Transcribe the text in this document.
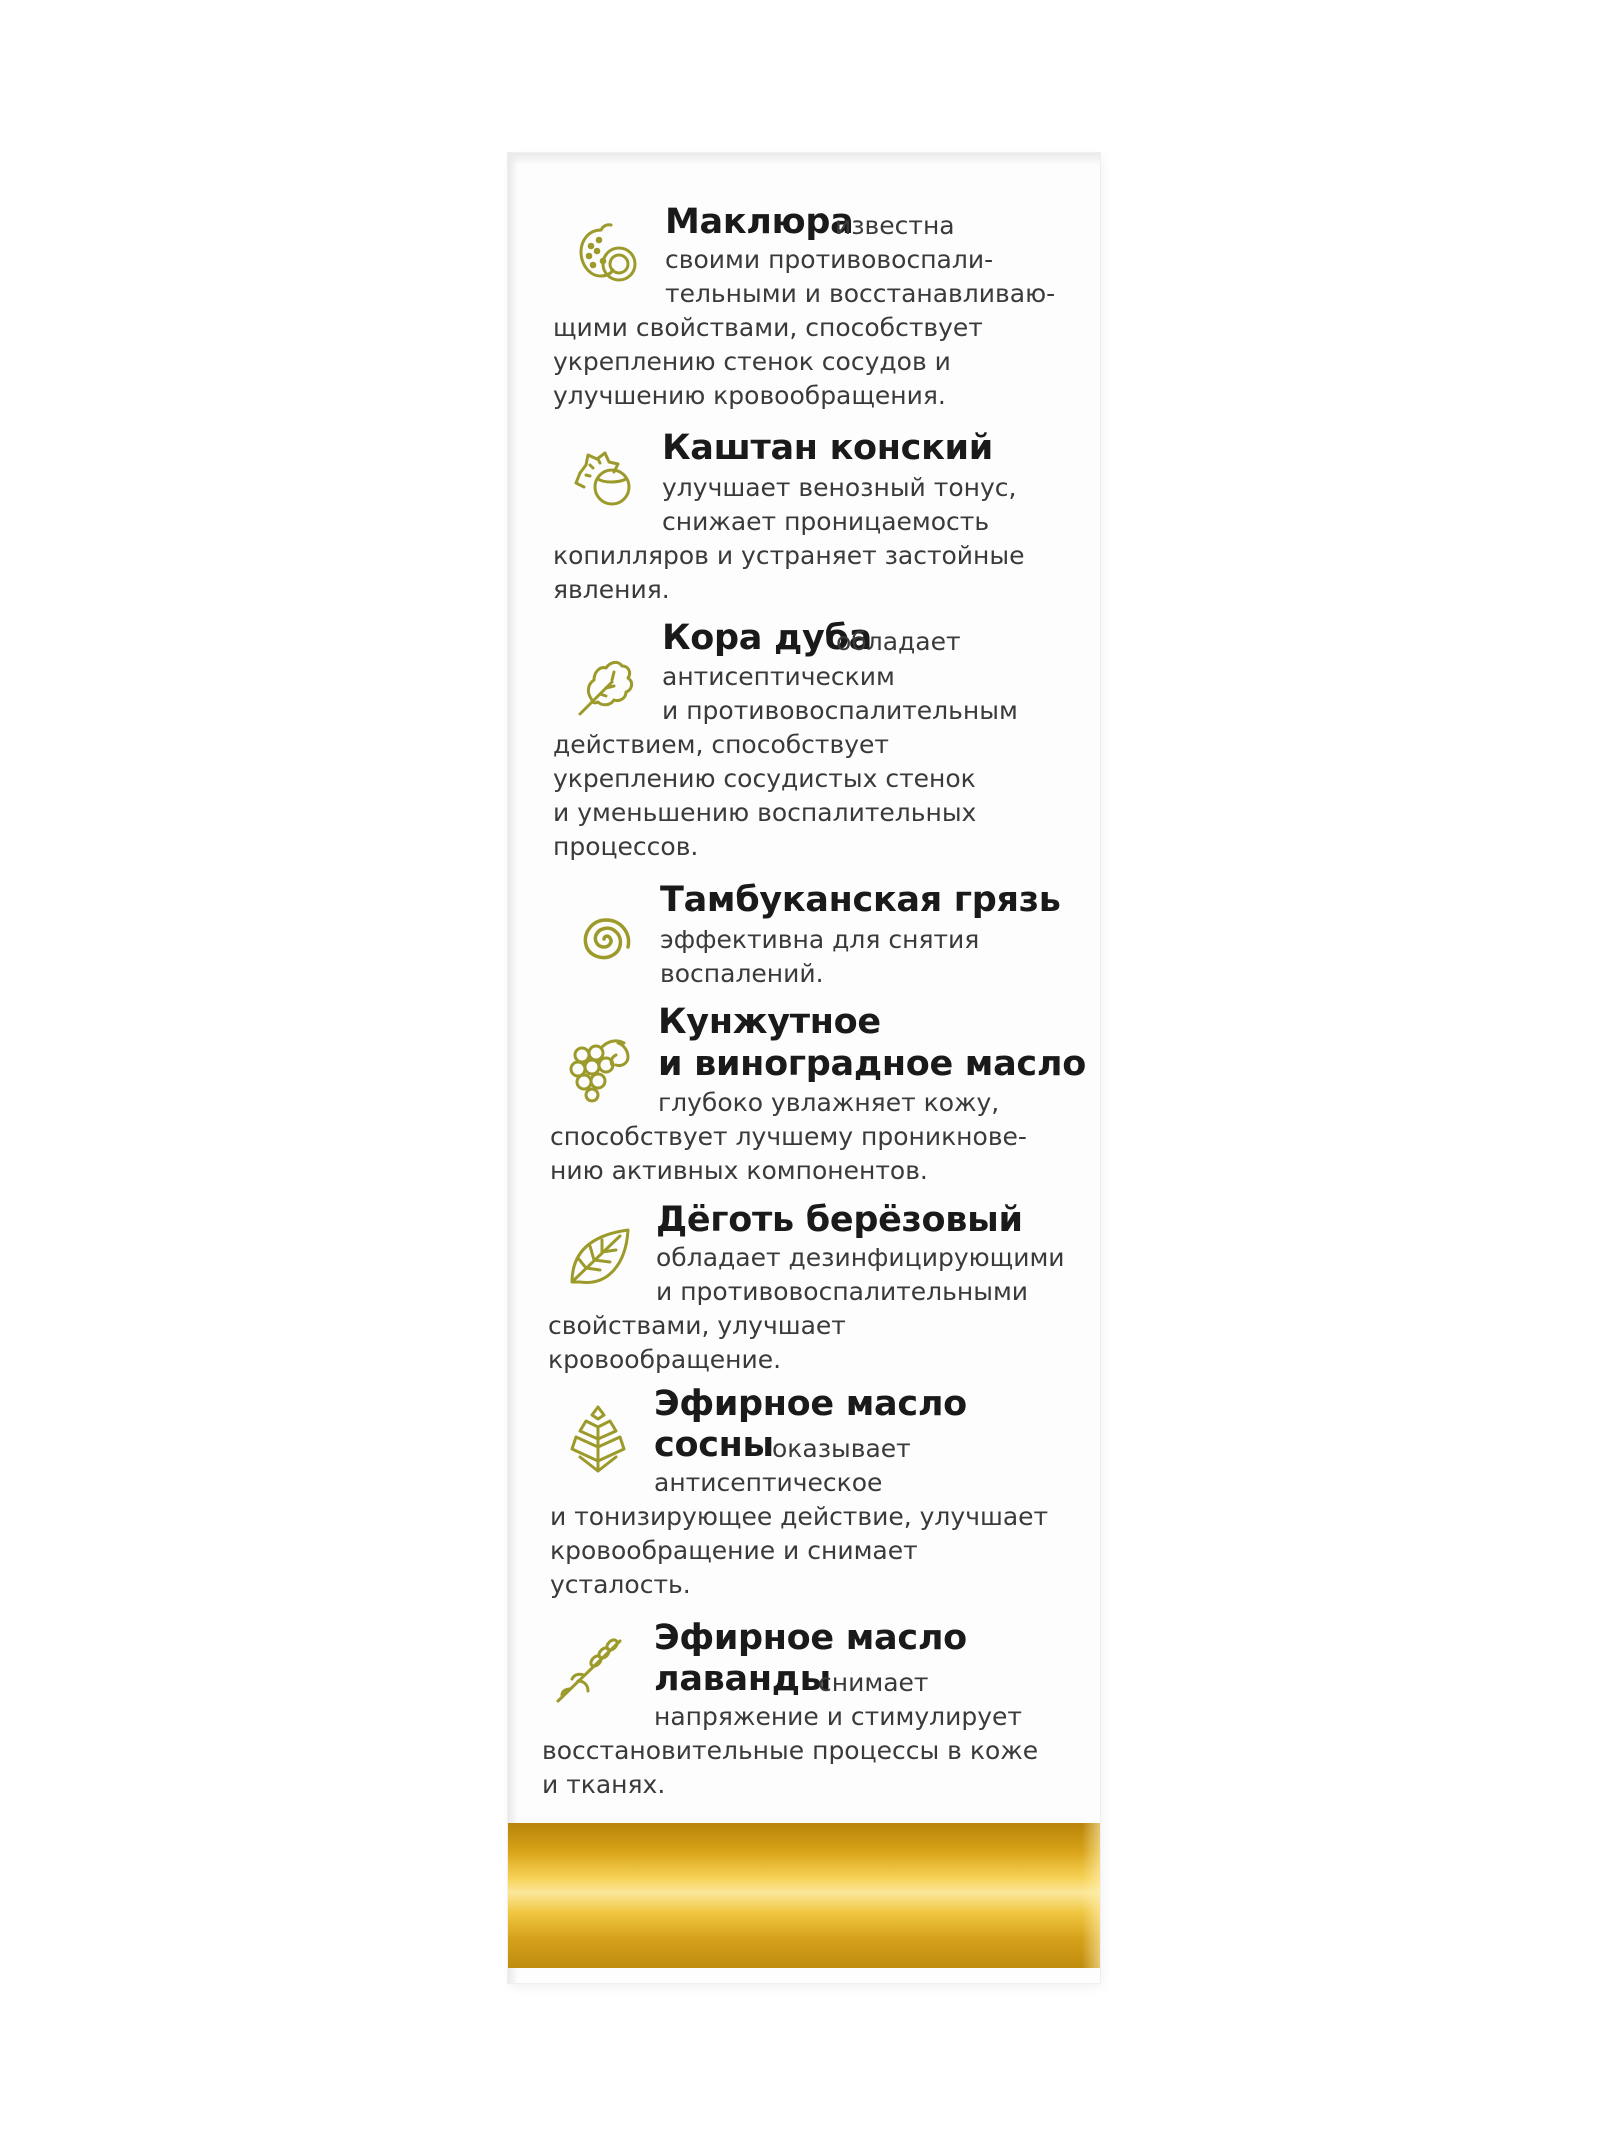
Маклюра
известна
своими противовоспали-
тельными и восстанавливаю-
щими свойствами, способствует
укреплению стенок сосудов и
улучшению кровообращения.
Каштан конский
улучшает венозный тонус,
снижает проницаемость
копилляров и устраняет застойные
явления.
Кора дуба
обладает
антисептическим
и противовоспалительным
действием, способствует
укреплению сосудистых стенок
и уменьшению воспалительных
процессов.
Тамбуканская грязь
эффективна для снятия
воспалений.
Кунжутное
и виноградное масло
глубоко увлажняет кожу,
способствует лучшему проникнове-
нию активных компонентов.
Дёготь берёзовый
обладает дезинфицирующими
и противовоспалительными
свойствами, улучшает
кровообращение.
Эфирное масло
сосны
оказывает
антисептическое
и тонизирующее действие, улучшает
кровообращение и снимает
усталость.
Эфирное масло
лаванды
снимает
напряжение и стимулирует
восстановительные процессы в коже
и тканях.
